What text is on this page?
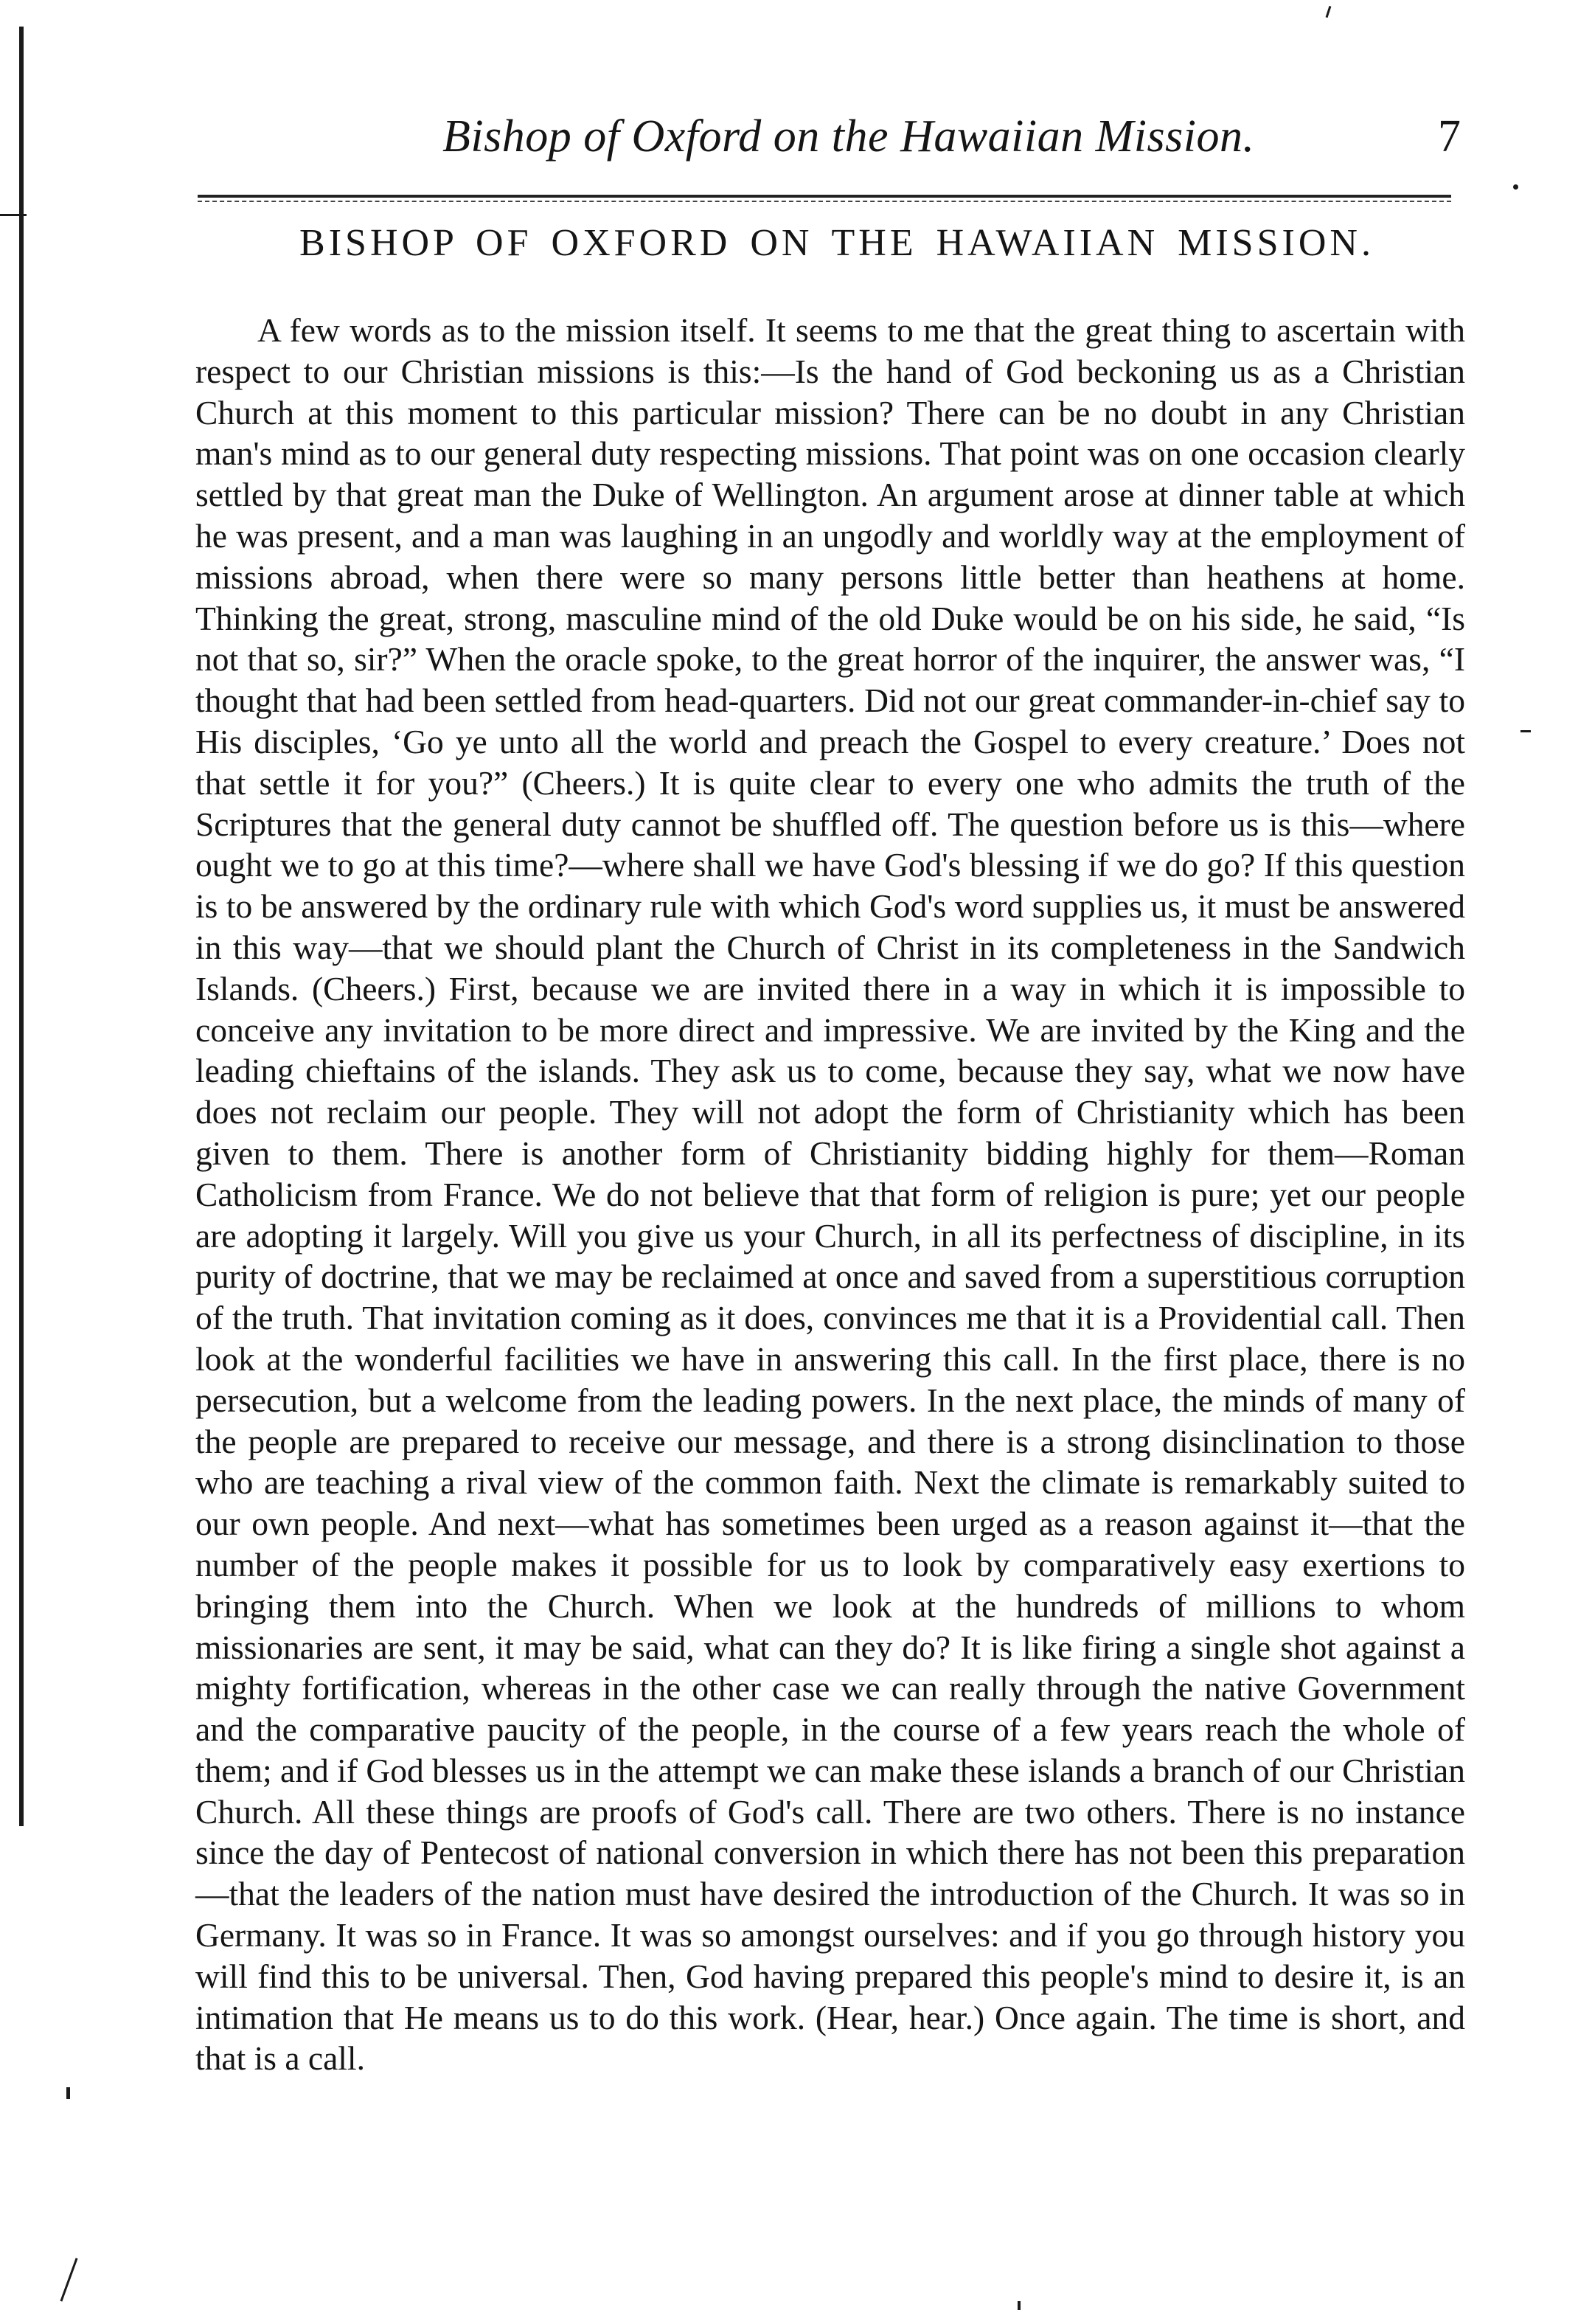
Bishop of Oxford on the Hawaiian Mission.	7
BISHOP OF OXFORD ON THE HAWAIIAN MISSION.

A few words as to the mission itself. It seems to me that the great thing to ascertain with respect to our Christian missions is this:—Is the hand of God beckoning us as a Christian Church at this moment to this particular mission? There can be no doubt in any Christian man's mind as to our general duty respecting missions. That point was on one occasion clearly settled by that great man the Duke of Wellington. An argument arose at dinner table at which he was present, and a man was laughing in an ungodly and worldly way at the employment of missions abroad, when there were so many persons little better than heathens at home. Thinking the great, strong, masculine mind of the old Duke would be on his side, he said, “Is not that so, sir?” When the oracle spoke, to the great horror of the inquirer, the answer was, “I thought that had been settled from head-quarters. Did not our great commander-in-chief say to His disciples, ‘Go ye unto all the world and preach the Gospel to every creature.’ Does not that settle it for you?” (Cheers.) It is quite clear to every one who admits the truth of the Scriptures that the general duty cannot be shuffled off. The question before us is this—where ought we to go at this time?—where shall we have God's blessing if we do go? If this question is to be answered by the ordinary rule with which God's word supplies us, it must be answered in this way—that we should plant the Church of Christ in its completeness in the Sandwich Islands. (Cheers.) First, because we are invited there in a way in which it is impossible to conceive any invitation to be more direct and impressive. We are invited by the King and the leading chieftains of the islands. They ask us to come, because they say, what we now have does not reclaim our people. They will not adopt the form of Christianity which has been given to them. There is another form of Christianity bidding highly for them—Roman Catholicism from France. We do not believe that that form of religion is pure; yet our people are adopting it largely. Will you give us your Church, in all its perfectness of discipline, in its purity of doctrine, that we may be reclaimed at once and saved from a superstitious corruption of the truth. That invitation coming as it does, convinces me that it is a Providential call. Then look at the wonderful facilities we have in answering this call. In the first place, there is no persecution, but a welcome from the leading powers. In the next place, the minds of many of the people are prepared to receive our message, and there is a strong disinclination to those who are teaching a rival view of the common faith. Next the climate is remarkably suited to our own people. And next—what has sometimes been urged as a reason against it—that the number of the people makes it possible for us to look by comparatively easy exertions to bringing them into the Church. When we look at the hundreds of millions to whom missionaries are sent, it may be said, what can they do? It is like firing a single shot against a mighty fortification, whereas in the other case we can really through the native Government and the comparative paucity of the people, in the course of a few years reach the whole of them; and if God blesses us in the attempt we can make these islands a branch of our Christian Church. All these things are proofs of God's call. There are two others. There is no instance since the day of Pentecost of national conversion in which there has not been this preparation—that the leaders of the nation must have desired the introduction of the Church. It was so in Germany. It was so in France. It was so amongst ourselves: and if you go through history you will find this to be universal. Then, God having prepared this people's mind to desire it, is an intimation that He means us to do this work. (Hear, hear.) Once again. The time is short, and that is a call.
